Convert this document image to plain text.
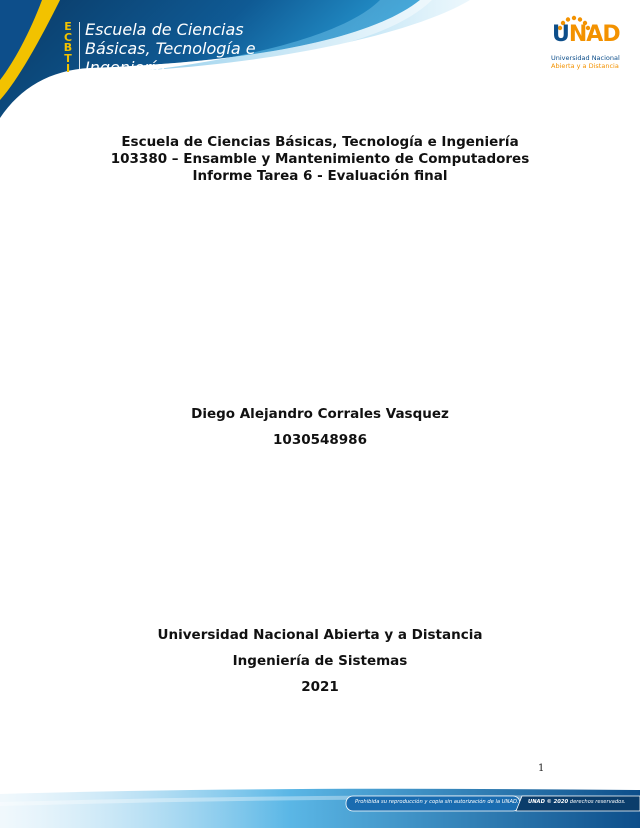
E
C
B
T
I
Escuela de Ciencias
Básicas, Tecnología e
Ingeniería
UNAD
Universidad Nacional
Abierta y a Distancia
Escuela de Ciencias Básicas, Tecnología e Ingeniería
103380 – Ensamble y Mantenimiento de Computadores
Informe Tarea 6 - Evaluación final
Diego Alejandro Corrales Vasquez
1030548986
Universidad Nacional Abierta y a Distancia
Ingeniería de Sistemas
2021
1
Prohibida su reproducción y copia sin autorización de la UNAD. UNAD © 2020 derechos reservados.
